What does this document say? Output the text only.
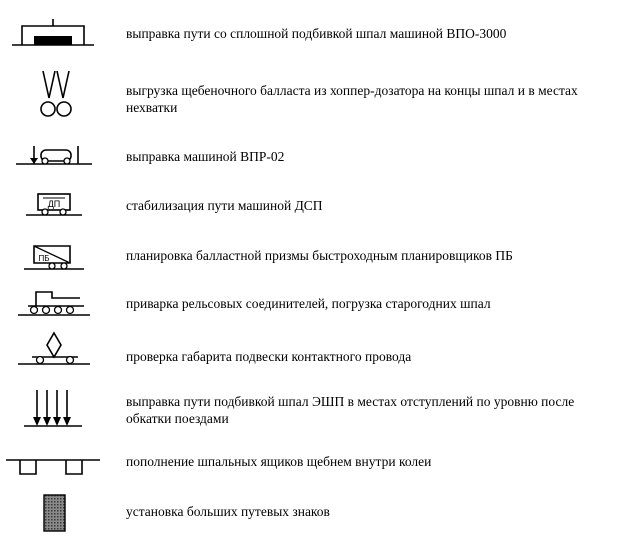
выправка пути со сплошной подбивкой шпал машиной ВПО-3000
выгрузка щебеночного балласта из хоппер-дозатора на концы шпал и в местах нехватки
выправка машиной ВПР-02
ДП	стабилизация пути машиной ДСП
ПБ	планировка балластной призмы быстроходным планировщиков ПБ
приварка рельсовых соединителей, погрузка старогодних шпал
проверка габарита подвески контактного провода
выправка пути подбивкой шпал ЭШП в местах отступлений по уровню после обкатки поездами
пополнение шпальных ящиков щебнем внутри колеи
установка больших путевых знаков
